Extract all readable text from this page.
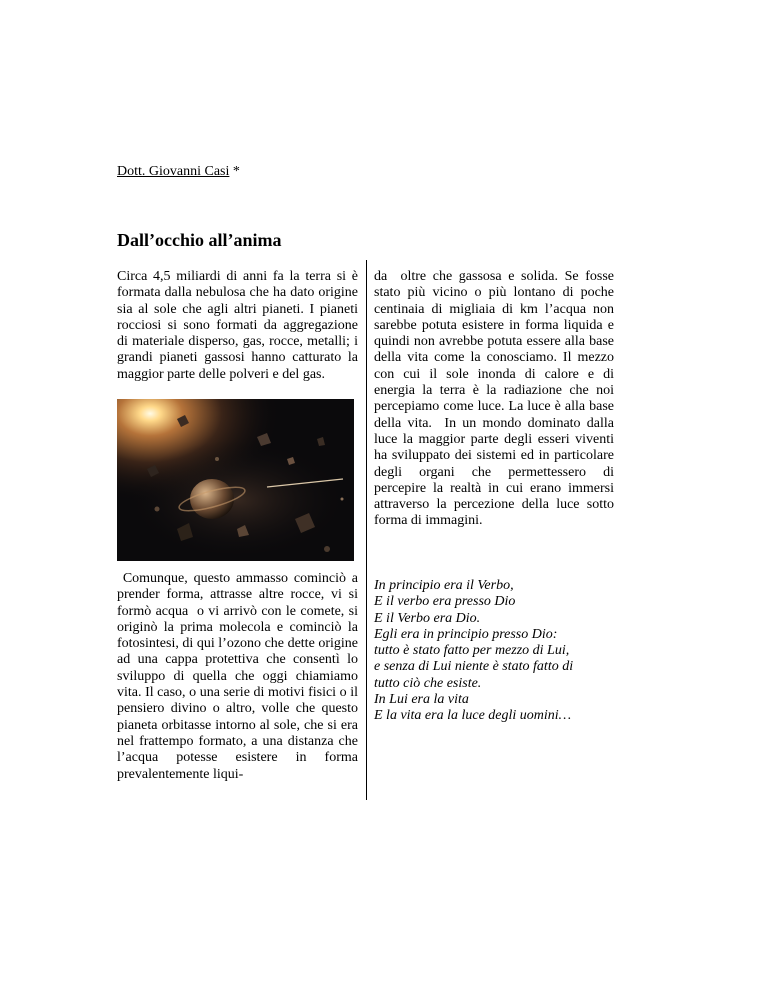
Dott. Giovanni Casi *
Dall’occhio all’anima
Circa 4,5 miliardi di anni fa la terra si è formata dalla nebulosa che ha dato origine sia al sole che agli altri pianeti. I pianeti rocciosi si sono formati da aggregazione di materiale disperso, gas, rocce, metalli; i grandi pianeti gassosi hanno catturato la maggior parte delle polveri e del gas.
Comunque, questo ammasso cominciò a prender forma, attrasse altre rocce, vi si formò acqua  o vi arrivò con le comete, si originò la prima molecola e cominciò la fotosintesi, di qui l’ozono che dette origine ad una cappa protettiva che consentì lo sviluppo di quella che oggi chiamiamo vita. Il caso, o una serie di motivi fisici o il pensiero divino o altro, volle che questo pianeta orbitasse intorno al sole, che si era nel frattempo formato, a una distanza che l’acqua potesse esistere in forma prevalentemente liqui-
da  oltre che gassosa e solida. Se fosse stato più vicino o più lontano di poche centinaia di migliaia di km l’acqua non sarebbe potuta esistere in forma liquida e quindi non avrebbe potuta essere alla base della vita come la conosciamo. Il mezzo con cui il sole inonda di calore e di energia la terra è la radiazione che noi percepiamo come luce. La luce è alla base della vita.  In un mondo dominato dalla luce la maggior parte degli esseri viventi ha sviluppato dei sistemi ed in particolare degli organi che permettessero di percepire la realtà in cui erano immersi attraverso la percezione della luce sotto forma di immagini.
In principio era il Verbo,
E il verbo era presso Dio
E il Verbo era Dio.
Egli era in principio presso Dio:
tutto è stato fatto per mezzo di Lui,
e senza di Lui niente è stato fatto di
tutto ciò che esiste.
In Lui era la vita
E la vita era la luce degli uomini…
